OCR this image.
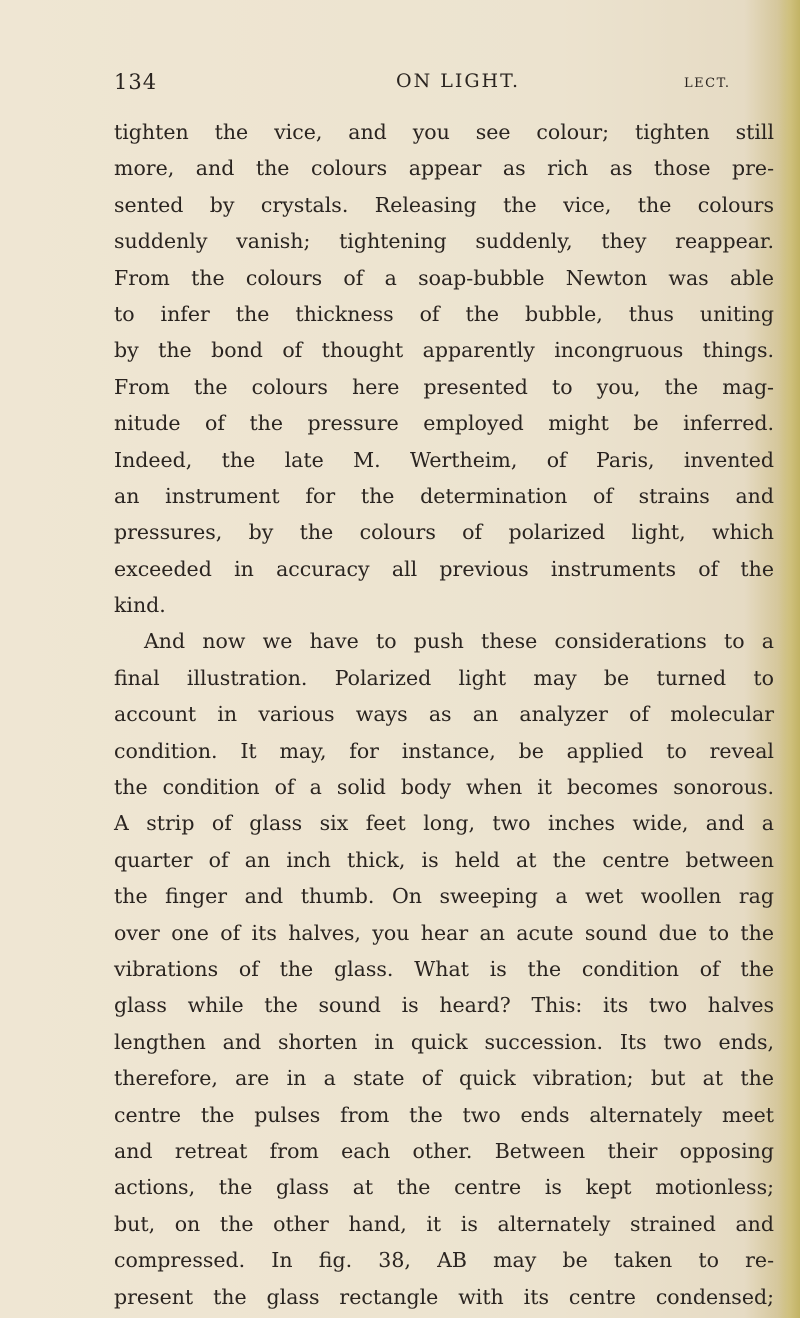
134	ON LIGHT.	LECT.
tighten the vice, and you see colour; tighten still
more, and the colours appear as rich as those pre-
sented by crystals. Releasing the vice, the colours
suddenly vanish; tightening suddenly, they reappear.
From the colours of a soap-bubble Newton was able
to infer the thickness of the bubble, thus uniting
by the bond of thought apparently incongruous things.
From the colours here presented to you, the mag-
nitude of the pressure employed might be inferred.
Indeed, the late M. Wertheim, of Paris, invented
an instrument for the determination of strains and
pressures, by the colours of polarized light, which
exceeded in accuracy all previous instruments of the
kind.
And now we have to push these considerations to a
final illustration. Polarized light may be turned to
account in various ways as an analyzer of molecular
condition. It may, for instance, be applied to reveal
the condition of a solid body when it becomes sonorous.
A strip of glass six feet long, two inches wide, and a
quarter of an inch thick, is held at the centre between
the finger and thumb. On sweeping a wet woollen rag
over one of its halves, you hear an acute sound due to the
vibrations of the glass. What is the condition of the
glass while the sound is heard? This: its two halves
lengthen and shorten in quick succession. Its two ends,
therefore, are in a state of quick vibration; but at the
centre the pulses from the two ends alternately meet
and retreat from each other. Between their opposing
actions, the glass at the centre is kept motionless;
but, on the other hand, it is alternately strained and
compressed. In fig. 38, AB may be taken to re-
present the glass rectangle with its centre condensed;
